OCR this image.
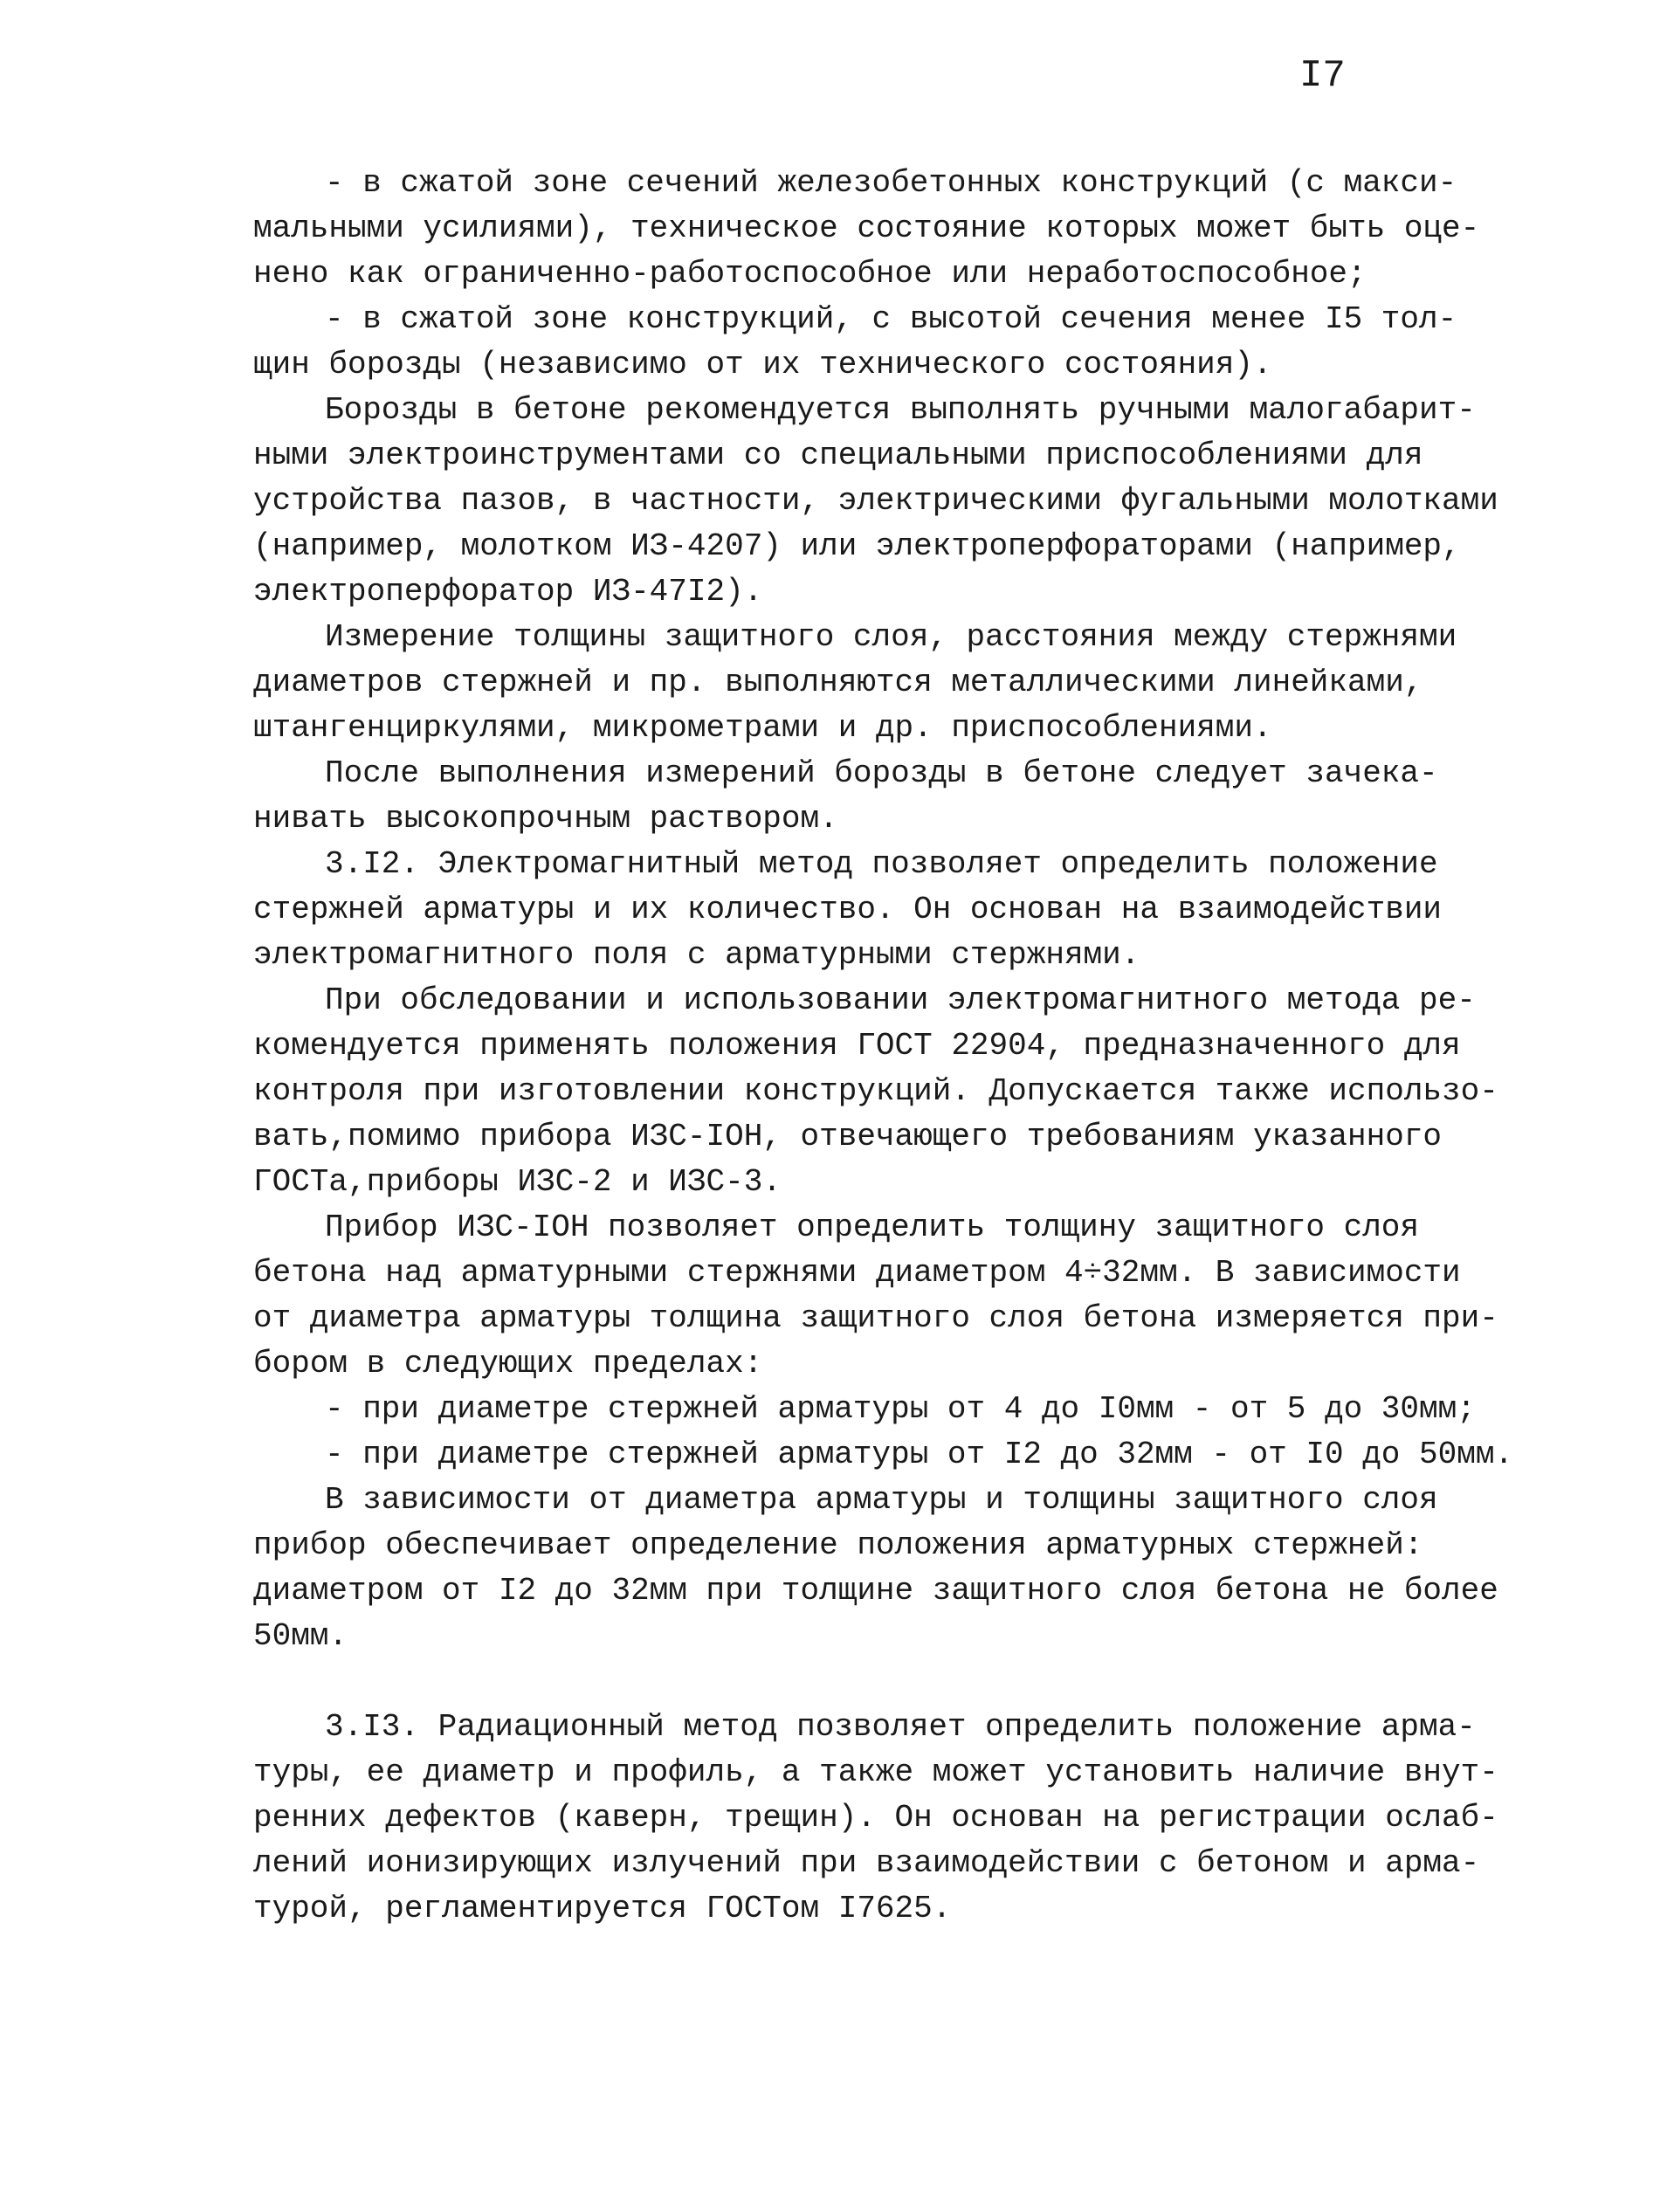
I7
- в сжатой зоне сечений железобетонных конструкций (с макси-
мальными усилиями), техническое состояние которых может быть оце-
нено как ограниченно-работоспособное или неработоспособное;
- в сжатой зоне конструкций, с высотой сечения менее I5 тол-
щин борозды (независимо от их технического состояния).
Борозды в бетоне рекомендуется выполнять ручными малогабарит-
ными электроинструментами со специальными приспособлениями для
устройства пазов, в частности, электрическими фугальными молотками
(например, молотком ИЗ-4207) или электроперфораторами (например,
электроперфоратор ИЗ-47I2).
Измерение толщины защитного слоя, расстояния между стержнями
диаметров стержней и пр. выполняются металлическими линейками,
штангенциркулями, микрометрами и др. приспособлениями.
После выполнения измерений борозды в бетоне следует зачека-
нивать высокопрочным раствором.
3.I2. Электромагнитный метод позволяет определить положение
стержней арматуры и их количество. Он основан на взаимодействии
электромагнитного поля с арматурными стержнями.
При обследовании и использовании электромагнитного метода ре-
комендуется применять положения ГОСТ 22904, предназначенного для
контроля при изготовлении конструкций. Допускается также использо-
вать,помимо прибора ИЗС-IОН, отвечающего требованиям указанного
ГОСТа,приборы ИЗС-2 и ИЗС-3.
Прибор ИЗС-IОН позволяет определить толщину защитного слоя
бетона над арматурными стержнями диаметром 4÷32мм. В зависимости
от диаметра арматуры толщина защитного слоя бетона измеряется при-
бором в следующих пределах:
- при диаметре стержней арматуры от 4 до I0мм - от 5 до 30мм;
- при диаметре стержней арматуры от I2 до 32мм - от I0 до 50мм.
В зависимости от диаметра арматуры и толщины защитного слоя
прибор обеспечивает определение положения арматурных стержней:
диаметром от I2 до 32мм при толщине защитного слоя бетона не более
50мм.
3.I3. Радиационный метод позволяет определить положение арма-
туры, ее диаметр и профиль, а также может установить наличие внут-
ренних дефектов (каверн, трещин). Он основан на регистрации ослаб-
лений ионизирующих излучений при взаимодействии с бетоном и арма-
турой, регламентируется ГОСТом I7625.
